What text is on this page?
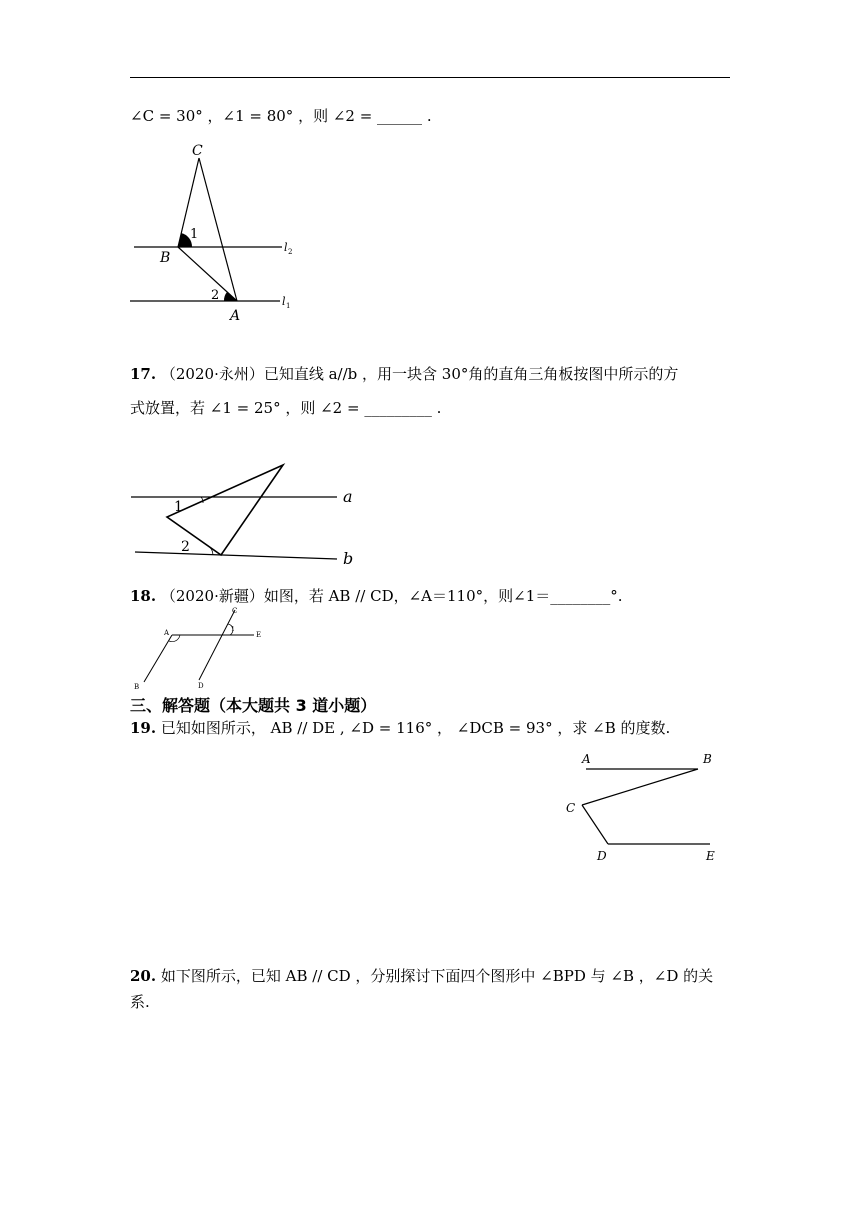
∠C = 30° ，∠1 = 80° ，则 ∠2 = ______ .
C
B
A
1
2
l 2
l 1
17. （2020·永州）已知直线 a//b ，用一块含 30°角的直角三角板按图中所示的方
式放置，若 ∠1 = 25° ，则 ∠2 = _________ .
1
2
a
b
18. （2020·新疆）如图，若 AB // CD，∠A＝110°，则∠1＝________°.
A
B
C
D
E
1
三、解答题（本大题共 3 道小题）
19. 已知如图所示， AB // DE , ∠D = 116° ， ∠DCB = 93° ，求 ∠B 的度数.
A	B
C
D	E
20. 如下图所示，已知 AB // CD ，分别探讨下面四个图形中 ∠BPD 与 ∠B ，∠D 的关
系.
